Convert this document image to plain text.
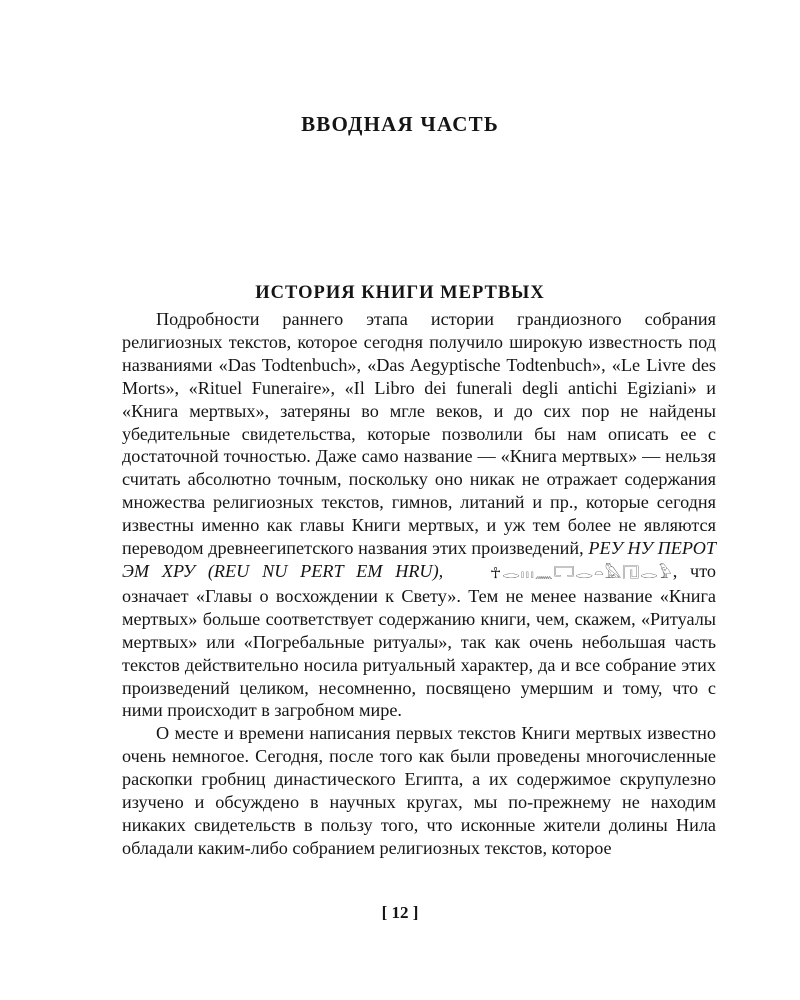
ВВОДНАЯ ЧАСТЬ
ИСТОРИЯ КНИГИ МЕРТВЫХ

Подробности раннего этапа истории грандиозного собрания религиозных текстов, которое сегодня получило широкую известность под названиями «Das Todtenbuch», «Das Aegyptische Todtenbuch», «Le Livre des Morts», «Rituel Funeraire», «Il Libro dei funerali degli antichi Egiziani» и «Книга мертвых», затеряны во мгле веков, и до сих пор не найдены убедительные свидетельства, которые позволили бы нам описать ее с достаточной точностью. Даже само название — «Книга мертвых» — нельзя считать абсолютно точным, поскольку оно никак не отражает содержания множества религиозных текстов, гимнов, литаний и пр., которые сегодня известны именно как главы Книги мертвых, и уж тем более не являются переводом древнеегипетского названия этих произведений, РЕУ НУ ПЕРОТ ЭМ ХРУ (REU NU PERT EM HRU),	☥𓂋𓏥𓈖𓉐𓂋𓏏𓅓𓉔𓂋𓅱, что означает «Главы о восхождении к Свету». Тем не менее название «Книга мертвых» больше соответствует содержанию книги, чем, скажем, «Ритуалы мертвых» или «Погребальные ритуалы», так как очень небольшая часть текстов действительно носила ритуальный характер, да и все собрание этих произведений целиком, несомненно, посвящено умершим и тому, что с ними происходит в загробном мире.

О месте и времени написания первых текстов Книги мертвых известно очень немногое. Сегодня, после того как были проведены многочисленные раскопки гробниц династического Египта, а их содержимое скрупулезно изучено и обсуждено в научных кругах, мы по-прежнему не находим никаких свидетельств в пользу того, что исконные жители долины Нила обладали каким-либо собранием религиозных текстов, которое

[ 12 ]
